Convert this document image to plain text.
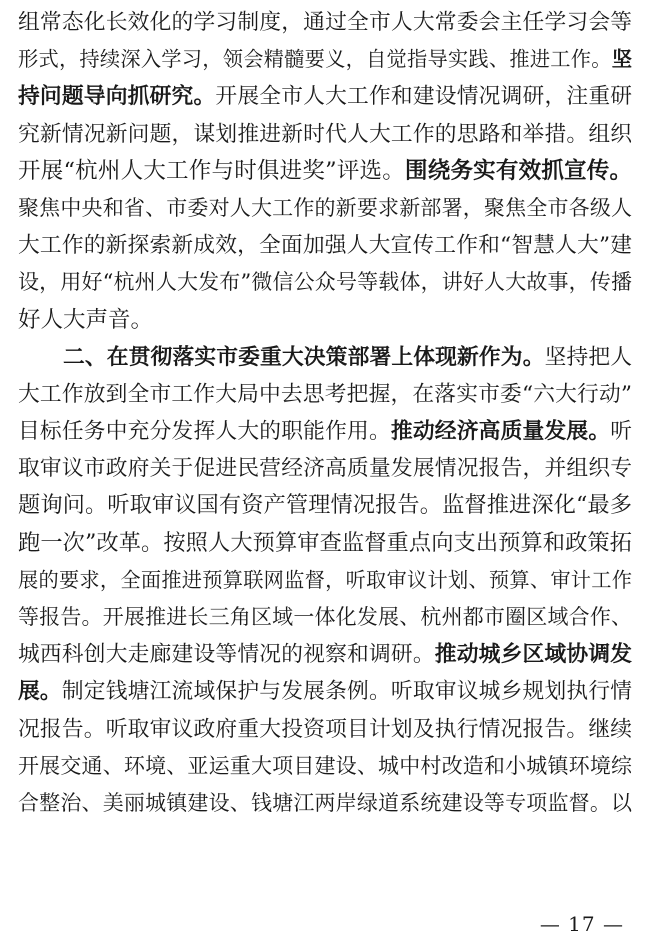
组常态化长效化的学习制度，通过全市人大常委会主任学习会等
形式，持续深入学习，领会精髓要义，自觉指导实践、推进工作。坚
持问题导向抓研究。开展全市人大工作和建设情况调研，注重研
究新情况新问题，谋划推进新时代人大工作的思路和举措。组织
开展“杭州人大工作与时俱进奖”评选。围绕务实有效抓宣传。
聚焦中央和省、市委对人大工作的新要求新部署，聚焦全市各级人
大工作的新探索新成效，全面加强人大宣传工作和“智慧人大”建
设，用好“杭州人大发布”微信公众号等载体，讲好人大故事，传播
好人大声音。
二、在贯彻落实市委重大决策部署上体现新作为。坚持把人
大工作放到全市工作大局中去思考把握，在落实市委“六大行动”
目标任务中充分发挥人大的职能作用。推动经济高质量发展。听
取审议市政府关于促进民营经济高质量发展情况报告，并组织专
题询问。听取审议国有资产管理情况报告。监督推进深化“最多
跑一次”改革。按照人大预算审查监督重点向支出预算和政策拓
展的要求，全面推进预算联网监督，听取审议计划、预算、审计工作
等报告。开展推进长三角区域一体化发展、杭州都市圈区域合作、
城西科创大走廊建设等情况的视察和调研。推动城乡区域协调发
展。制定钱塘江流域保护与发展条例。听取审议城乡规划执行情
况报告。听取审议政府重大投资项目计划及执行情况报告。继续
开展交通、环境、亚运重大项目建设、城中村改造和小城镇环境综
合整治、美丽城镇建设、钱塘江两岸绿道系统建设等专项监督。以
— 17 —
